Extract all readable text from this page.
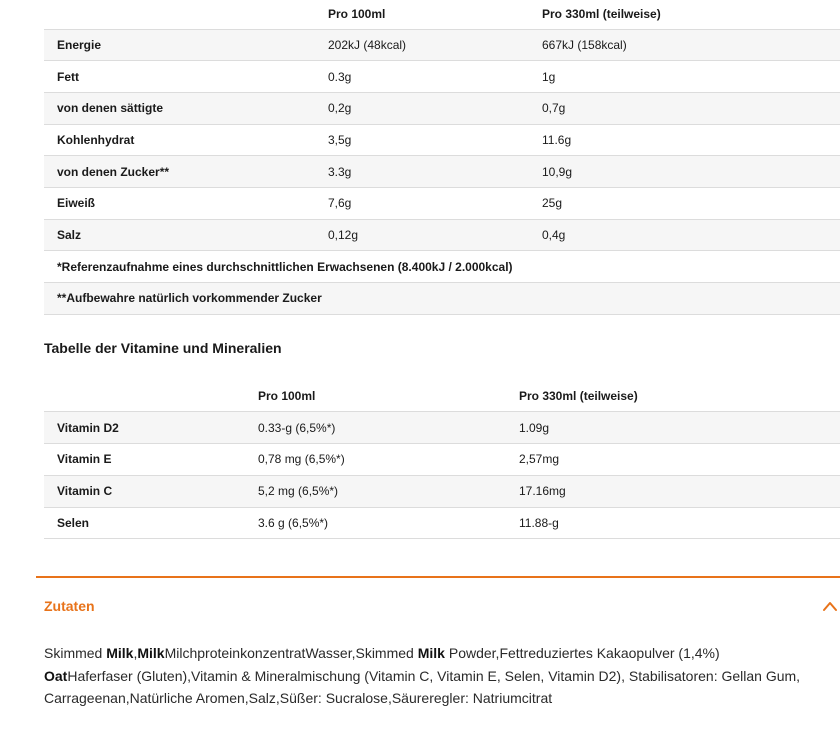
	Pro 100ml	Pro 330ml (teilweise)
Energie	202kJ (48kcal)	667kJ (158kcal)
Fett	0.3g	1g
von denen sättigte	0,2g	0,7g
Kohlenhydrat	3,5g	11.6g
von denen Zucker**	3.3g	10,9g
Eiweiß	7,6g	25g
Salz	0,12g	0,4g
*Referenzaufnahme eines durchschnittlichen Erwachsenen (8.400kJ / 2.000kcal)		
**Aufbewahre natürlich vorkommender Zucker		
Tabelle der Vitamine und Mineralien
	Pro 100ml	Pro 330ml (teilweise)
Vitamin D2	0.33-g (6,5%*)	1.09g
Vitamin E	0,78 mg (6,5%*)	2,57mg
Vitamin C	5,2 mg (6,5%*)	17.16mg
Selen	3.6 g (6,5%*)	11.88-g
Zutaten
Skimmed Milk,MilkMilchproteinkonzentratWasser,Skimmed Milk Powder,Fettreduziertes Kakaopulver (1,4%)
OatHaferfaser (Gluten),Vitamin & Mineralmischung (Vitamin C, Vitamin E, Selen, Vitamin D2), Stabilisatoren: Gellan Gum, Carrageenan,Natürliche Aromen,Salz,Süßer: Sucralose,Säureregler: Natriumcitrat
